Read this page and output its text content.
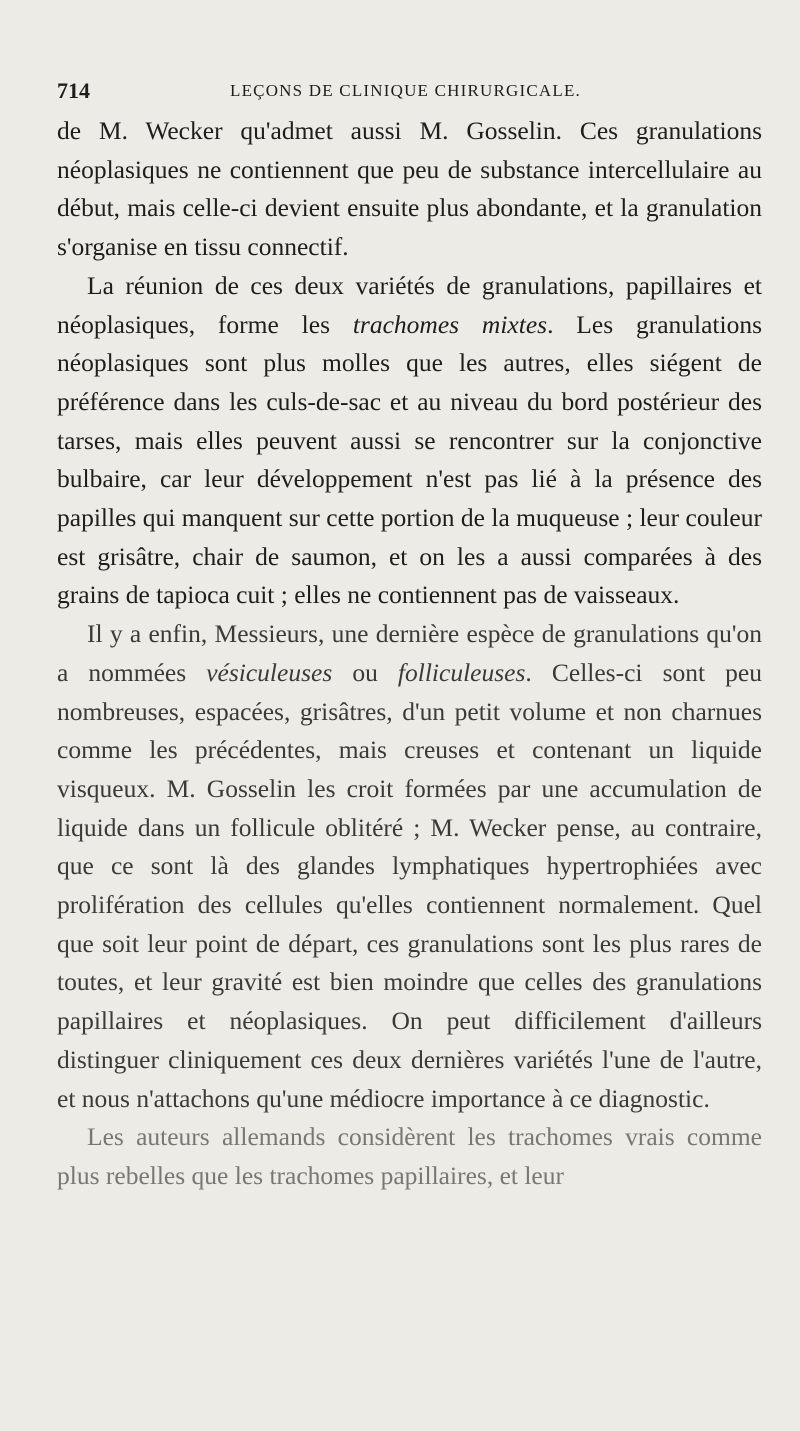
714	LEÇONS DE CLINIQUE CHIRURGICALE.

de M. Wecker qu'admet aussi M. Gosselin. Ces granulations néoplasiques ne contiennent que peu de substance intercellulaire au début, mais celle-ci devient ensuite plus abondante, et la granulation s'organise en tissu connectif.

La réunion de ces deux variétés de granulations, papillaires et néoplasiques, forme les trachomes mixtes. Les granulations néoplasiques sont plus molles que les autres, elles siégent de préférence dans les culs-de-sac et au niveau du bord postérieur des tarses, mais elles peuvent aussi se rencontrer sur la conjonctive bulbaire, car leur développement n'est pas lié à la présence des papilles qui manquent sur cette portion de la muqueuse ; leur couleur est grisâtre, chair de saumon, et on les a aussi comparées à des grains de tapioca cuit ; elles ne contiennent pas de vaisseaux.

Il y a enfin, Messieurs, une dernière espèce de granulations qu'on a nommées vésiculeuses ou folliculeuses. Celles-ci sont peu nombreuses, espacées, grisâtres, d'un petit volume et non charnues comme les précédentes, mais creuses et contenant un liquide visqueux. M. Gosselin les croit formées par une accumulation de liquide dans un follicule oblitéré ; M. Wecker pense, au contraire, que ce sont là des glandes lymphatiques hypertrophiées avec prolifération des cellules qu'elles contiennent normalement. Quel que soit leur point de départ, ces granulations sont les plus rares de toutes, et leur gravité est bien moindre que celles des granulations papillaires et néoplasiques. On peut difficilement d'ailleurs distinguer cliniquement ces deux dernières variétés l'une de l'autre, et nous n'attachons qu'une médiocre importance à ce diagnostic.

Les auteurs allemands considèrent les trachomes vrais comme plus rebelles que les trachomes papillaires, et leur
